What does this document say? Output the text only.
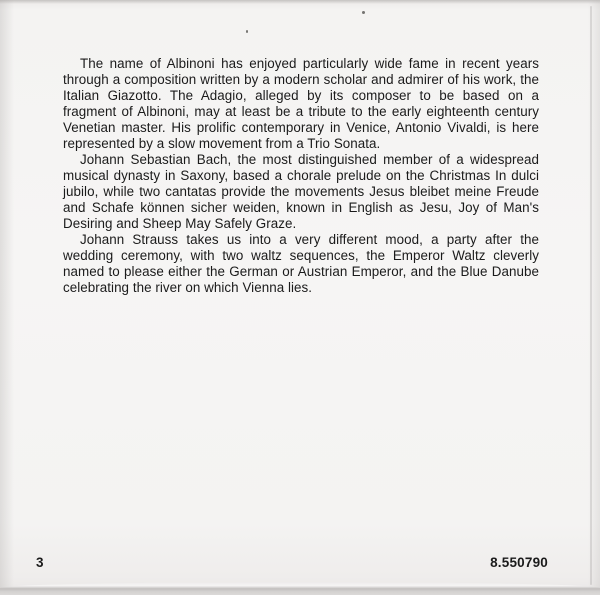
The name of Albinoni has enjoyed particularly wide fame in recent years through a composition written by a modern scholar and admirer of his work, the Italian Giazotto. The Adagio, alleged by its composer to be based on a fragment of Albinoni, may at least be a tribute to the early eighteenth century Venetian master. His prolific contemporary in Venice, Antonio Vivaldi, is here represented by a slow movement from a Trio Sonata.

Johann Sebastian Bach, the most distinguished member of a widespread musical dynasty in Saxony, based a chorale prelude on the Christmas In dulci jubilo, while two cantatas provide the movements Jesus bleibet meine Freude and Schafe können sicher weiden, known in English as Jesu, Joy of Man's Desiring and Sheep May Safely Graze.

Johann Strauss takes us into a very different mood, a party after the wedding ceremony, with two waltz sequences, the Emperor Waltz cleverly named to please either the German or Austrian Emperor, and the Blue Danube celebrating the river on which Vienna lies.

3	8.550790
